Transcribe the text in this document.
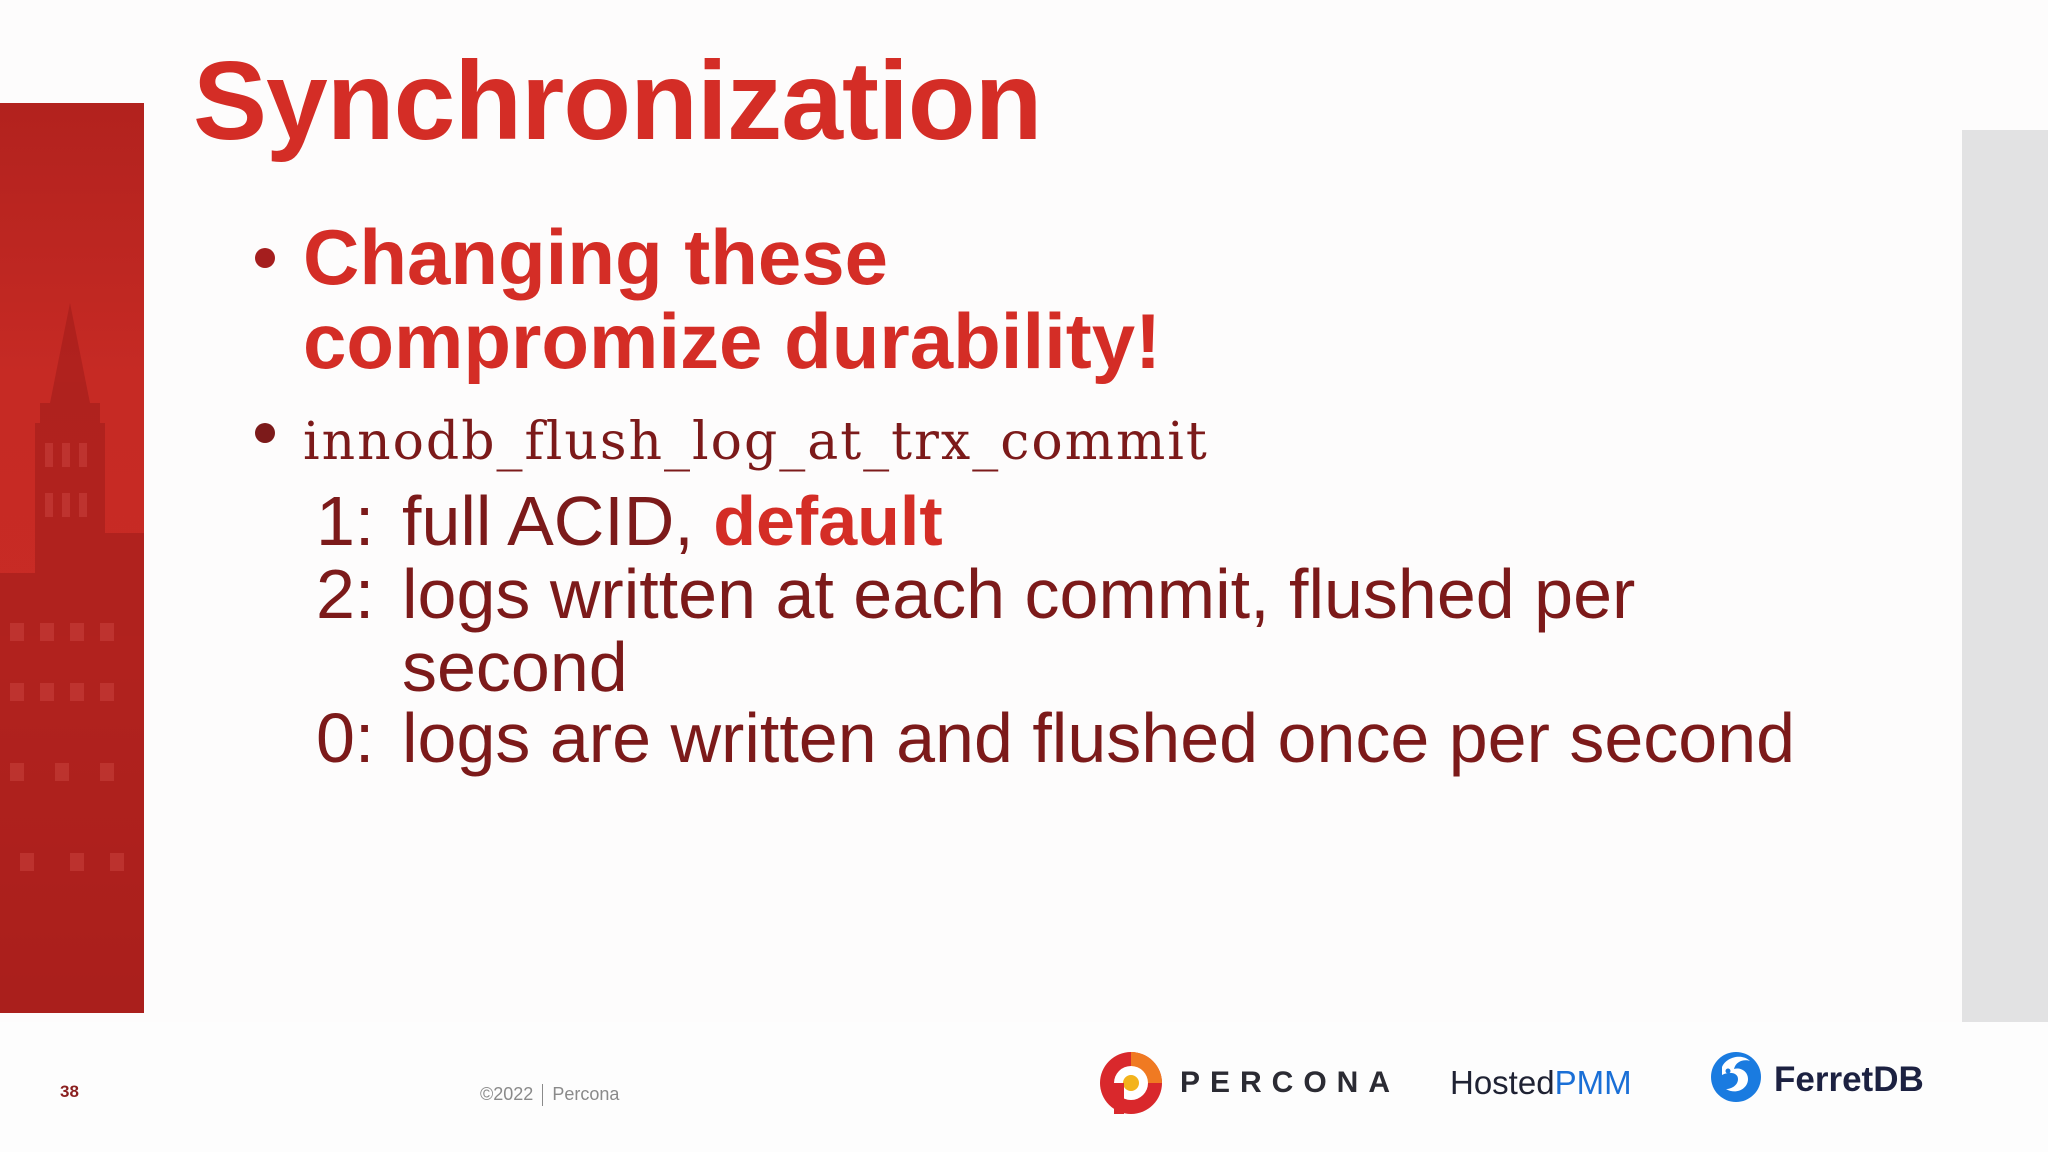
Synchronization
Changing these
compromize durability!
innodb_flush_log_at_trx_commit
1: full ACID, default
2: logs written at each commit, flushed per
second
0: logs are written and flushed once per second
38	©2022 Percona	PERCONA HostedPMM	FerretDB
